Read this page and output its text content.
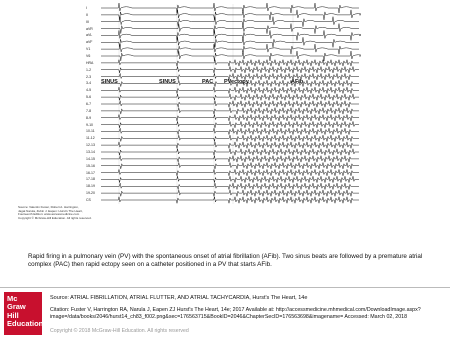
I
II
III
aVR
aVL
aVF
V1
V6
HRA
1-2
2-3
3-4
4-5
5-6
6-7
7-8
8-9
9-10
10-11
11-12
12-13
13-14
14-15
15-16
16-17
17-18
18-19
19-20
CS
SINUS	SINUS	PAC PVectopy	AFib
Source: Valentin Fuster, Robert A. Harrington,
Jagat Narula, Zubin J. Eapen: Hurst's The Heart,
Fourteenth Edition: www.accessmedicine.com
Copyright © McGraw-Hill Education. All rights reserved.
Rapid firing in a pulmonary vein (PV) with the spontaneous onset of atrial fibrillation (AFib). Two sinus beats are followed by a premature atrial complex (PAC) then rapid ectopy seen on a catheter positioned in a PV that starts AFib.
Mc
Graw
Hill
Education
Source: ATRIAL FIBRILLATION, ATRIAL FLUTTER, AND ATRIAL TACHYCARDIA, Hurst's The Heart, 14e
Citation: Fuster V, Harrington RA, Narula J, Eapen ZJ Hurst's The Heart, 14e; 2017 Available at: http://accessmedicine.mhmedical.com/DownloadImage.aspx?image=/data/books/2046/hurst14_ch83_f002.png&sec=176563715&BookID=2046&ChapterSecID=176563698&imagename= Accessed: March 02, 2018
Copyright © 2018 McGraw-Hill Education. All rights reserved
